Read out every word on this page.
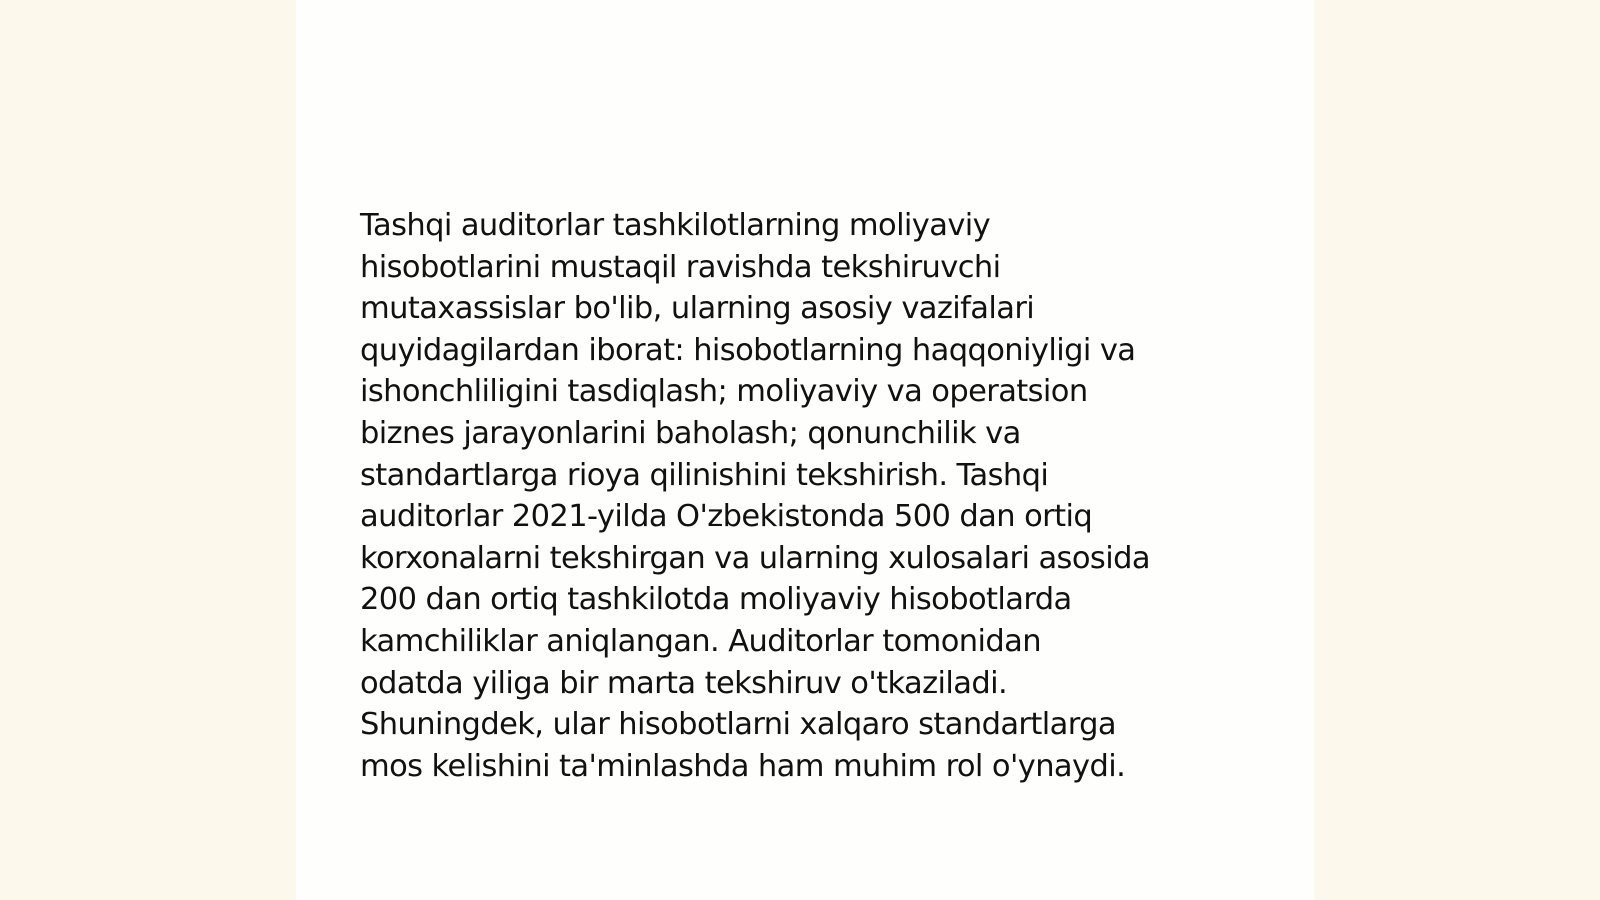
Tashqi auditorlar tashkilotlarning moliyaviy
hisobotlarini mustaqil ravishda tekshiruvchi
mutaxassislar bo'lib, ularning asosiy vazifalari
quyidagilardan iborat: hisobotlarning haqqoniyligi va
ishonchliligini tasdiqlash; moliyaviy va operatsion
biznes jarayonlarini baholash; qonunchilik va
standartlarga rioya qilinishini tekshirish. Tashqi
auditorlar 2021-yilda O'zbekistonda 500 dan ortiq
korxonalarni tekshirgan va ularning xulosalari asosida
200 dan ortiq tashkilotda moliyaviy hisobotlarda
kamchiliklar aniqlangan. Auditorlar tomonidan
odatda yiliga bir marta tekshiruv o'tkaziladi.
Shuningdek, ular hisobotlarni xalqaro standartlarga
mos kelishini ta'minlashda ham muhim rol o'ynaydi.
